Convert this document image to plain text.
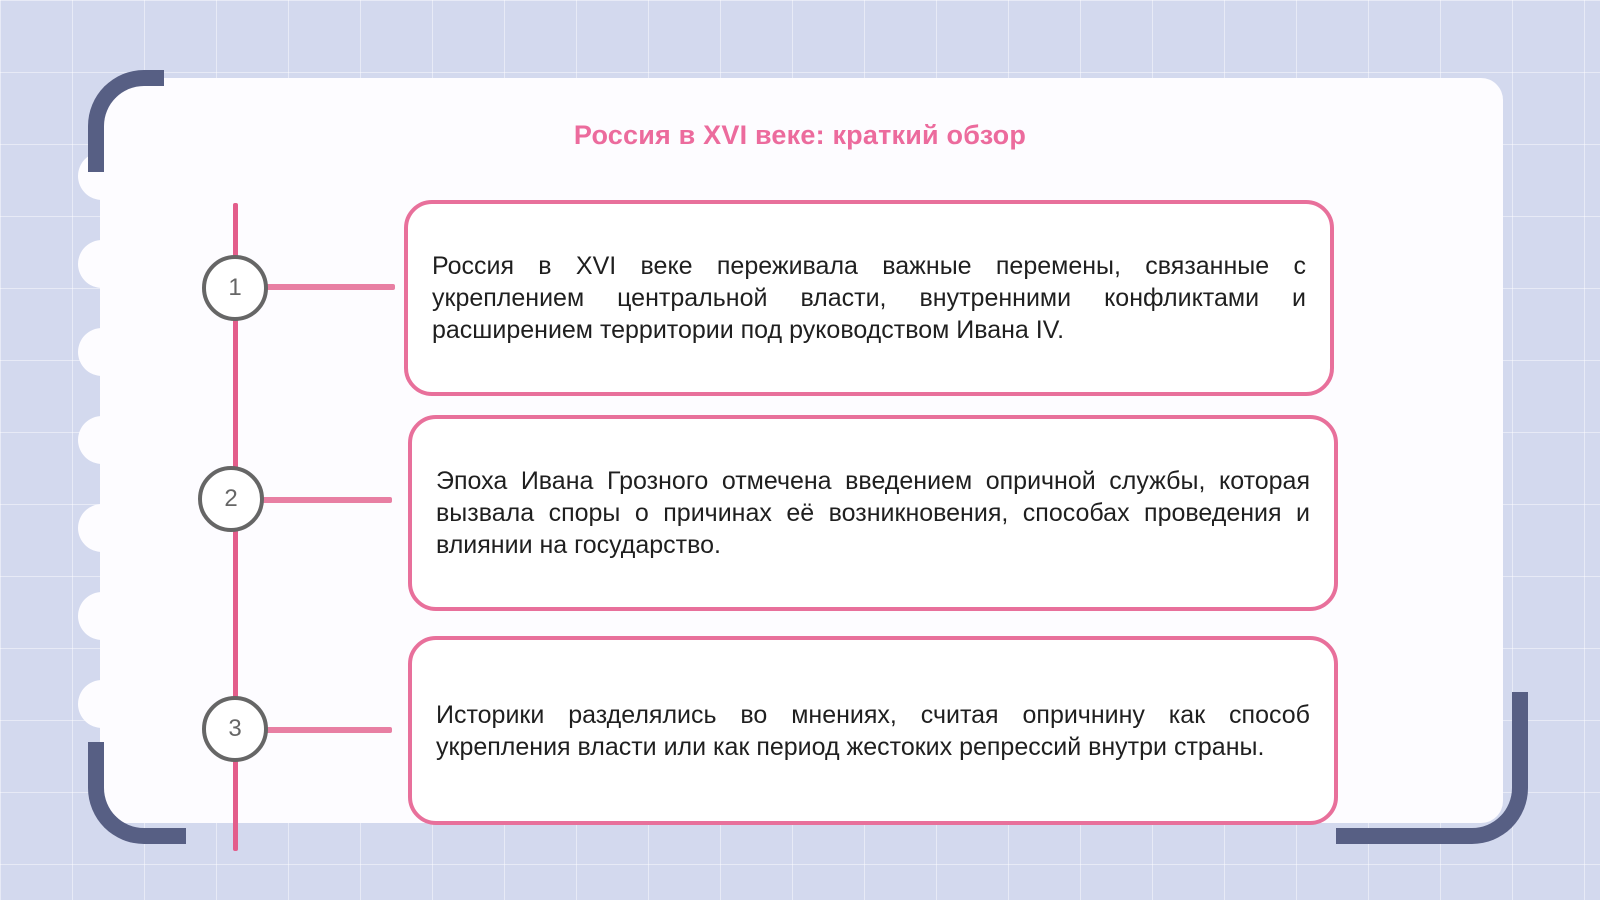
Россия в XVI веке: краткий обзор
1
2
3
Россия в XVI веке переживала важные перемены, связанные с укреплением центральной власти, внутренними конфликтами и расширением территории под руководством Ивана IV.
Эпоха Ивана Грозного отмечена введением опричной службы, которая вызвала споры о причинах её возникновения, способах проведения и влиянии на государство.
Историки разделялись во мнениях, считая опричнину как способ укрепления власти или как период жестоких репрессий внутри страны.
